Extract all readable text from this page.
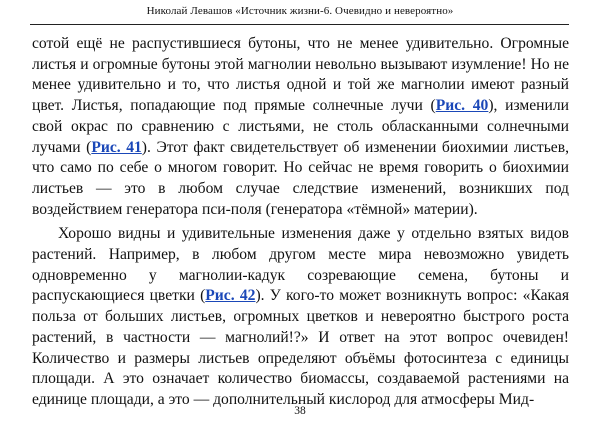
Николай Левашов «Источник жизни-6. Очевидно и невероятно»

сотой ещё не распустившиеся бутоны, что не менее удивительно. Огромные листья и огромные бутоны этой магнолии невольно вызывают изумление! Но не менее удивительно и то, что листья одной и той же магнолии имеют разный цвет. Листья, попадающие под прямые солнечные лучи (Рис. 40), изменили свой окрас по сравнению с листьями, не столь обласканными солнечными лучами (Рис. 41). Этот факт свидетельствует об изменении биохимии листьев, что само по себе о многом говорит. Но сейчас не время говорить о биохимии листьев — это в любом случае следствие изменений, возникших под воздействием генератора пси-поля (генератора «тёмной» материи).

Хорошо видны и удивительные изменения даже у отдельно взятых видов растений. Например, в любом другом месте мира невозможно увидеть одновременно у магнолии-кадук созревающие семена, бутоны и распускающиеся цветки (Рис. 42). У кого-то может возникнуть вопрос: «Какая польза от больших листьев, огромных цветков и невероятно быстрого роста растений, в частности — магнолий!?» И ответ на этот вопрос очевиден! Количество и размеры листьев определяют объёмы фотосинтеза с единицы площади. А это означает количество биомассы, создаваемой растениями на единице площади, а это — дополнительный кислород для атмосферы Мид-

38
